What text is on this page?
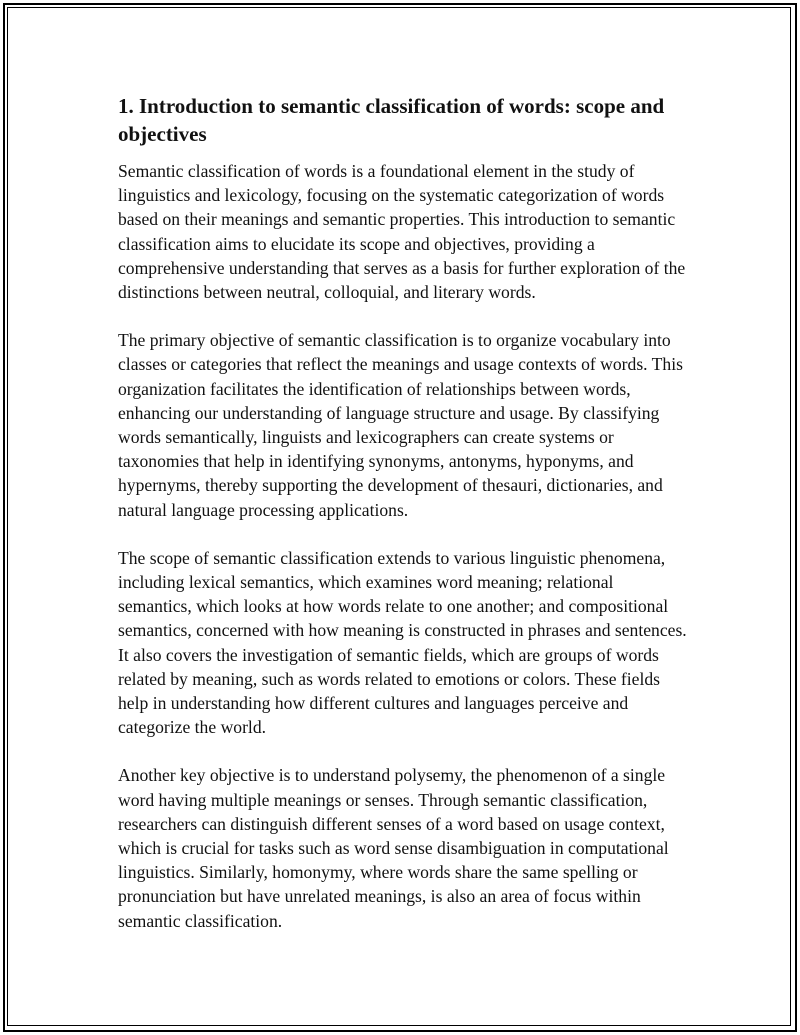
1. Introduction to semantic classification of words: scope and objectives

Semantic classification of words is a foundational element in the study of linguistics and lexicology, focusing on the systematic categorization of words based on their meanings and semantic properties. This introduction to semantic classification aims to elucidate its scope and objectives, providing a comprehensive understanding that serves as a basis for further exploration of the distinctions between neutral, colloquial, and literary words.

The primary objective of semantic classification is to organize vocabulary into classes or categories that reflect the meanings and usage contexts of words. This organization facilitates the identification of relationships between words, enhancing our understanding of language structure and usage. By classifying words semantically, linguists and lexicographers can create systems or taxonomies that help in identifying synonyms, antonyms, hyponyms, and hypernyms, thereby supporting the development of thesauri, dictionaries, and natural language processing applications.

The scope of semantic classification extends to various linguistic phenomena, including lexical semantics, which examines word meaning; relational semantics, which looks at how words relate to one another; and compositional semantics, concerned with how meaning is constructed in phrases and sentences. It also covers the investigation of semantic fields, which are groups of words related by meaning, such as words related to emotions or colors. These fields help in understanding how different cultures and languages perceive and categorize the world.

Another key objective is to understand polysemy, the phenomenon of a single word having multiple meanings or senses. Through semantic classification, researchers can distinguish different senses of a word based on usage context, which is crucial for tasks such as word sense disambiguation in computational linguistics. Similarly, homonymy, where words share the same spelling or pronunciation but have unrelated meanings, is also an area of focus within semantic classification.
